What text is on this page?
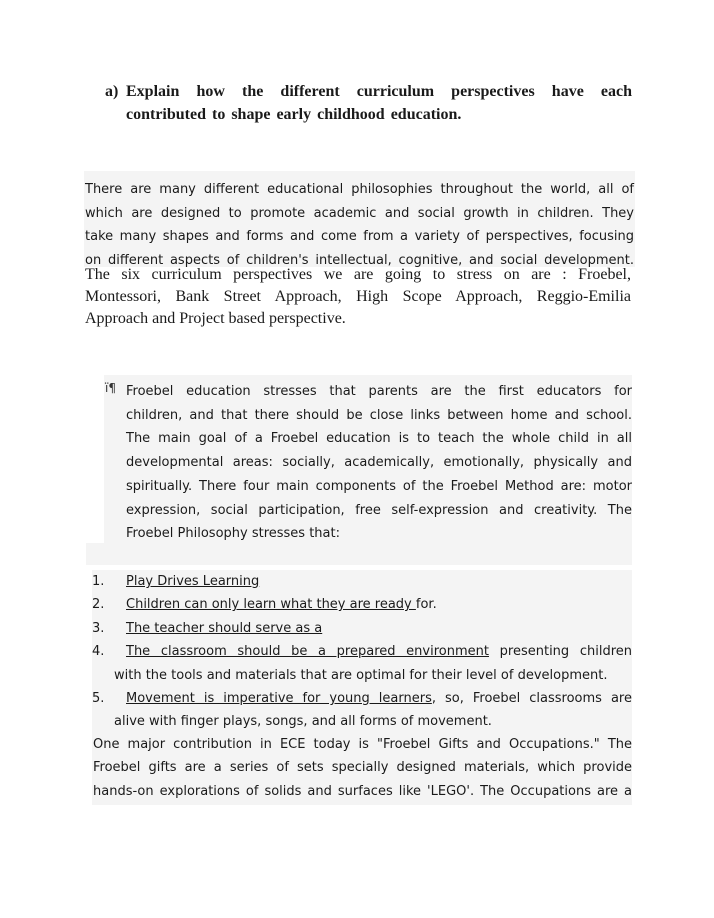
a) Explain how the different curriculum perspectives have each
contributed to shape early childhood education.
There are many different educational philosophies throughout the world, all of
which are designed to promote academic and social growth in children. They
take many shapes and forms and come from a variety of perspectives, focusing
on different aspects of children's intellectual, cognitive, and social development.
The six curriculum perspectives we are going to stress on are : Froebel,
Montessori, Bank Street Approach, High Scope Approach, Reggio-Emilia
Approach and Project based perspective.
ï¶ Froebel education stresses that parents are the first educators for
children, and that there should be close links between home and school.
The main goal of a Froebel education is to teach the whole child in all
developmental areas: socially, academically, emotionally, physically and
spiritually. There four main components of the Froebel Method are: motor
expression, social participation, free self-expression and creativity. The
Froebel Philosophy stresses that:
1. Play Drives Learning
2. Children can only learn what they are ready for.
3. The teacher should serve as a
4. The classroom should be a prepared environment presenting children
with the tools and materials that are optimal for their level of development.
5. Movement is imperative for young learners, so, Froebel classrooms are
alive with finger plays, songs, and all forms of movement.
One major contribution in ECE today is "Froebel Gifts and Occupations." The
Froebel gifts are a series of sets specially designed materials, which provide
hands-on explorations of solids and surfaces like 'LEGO'. The Occupations are a
